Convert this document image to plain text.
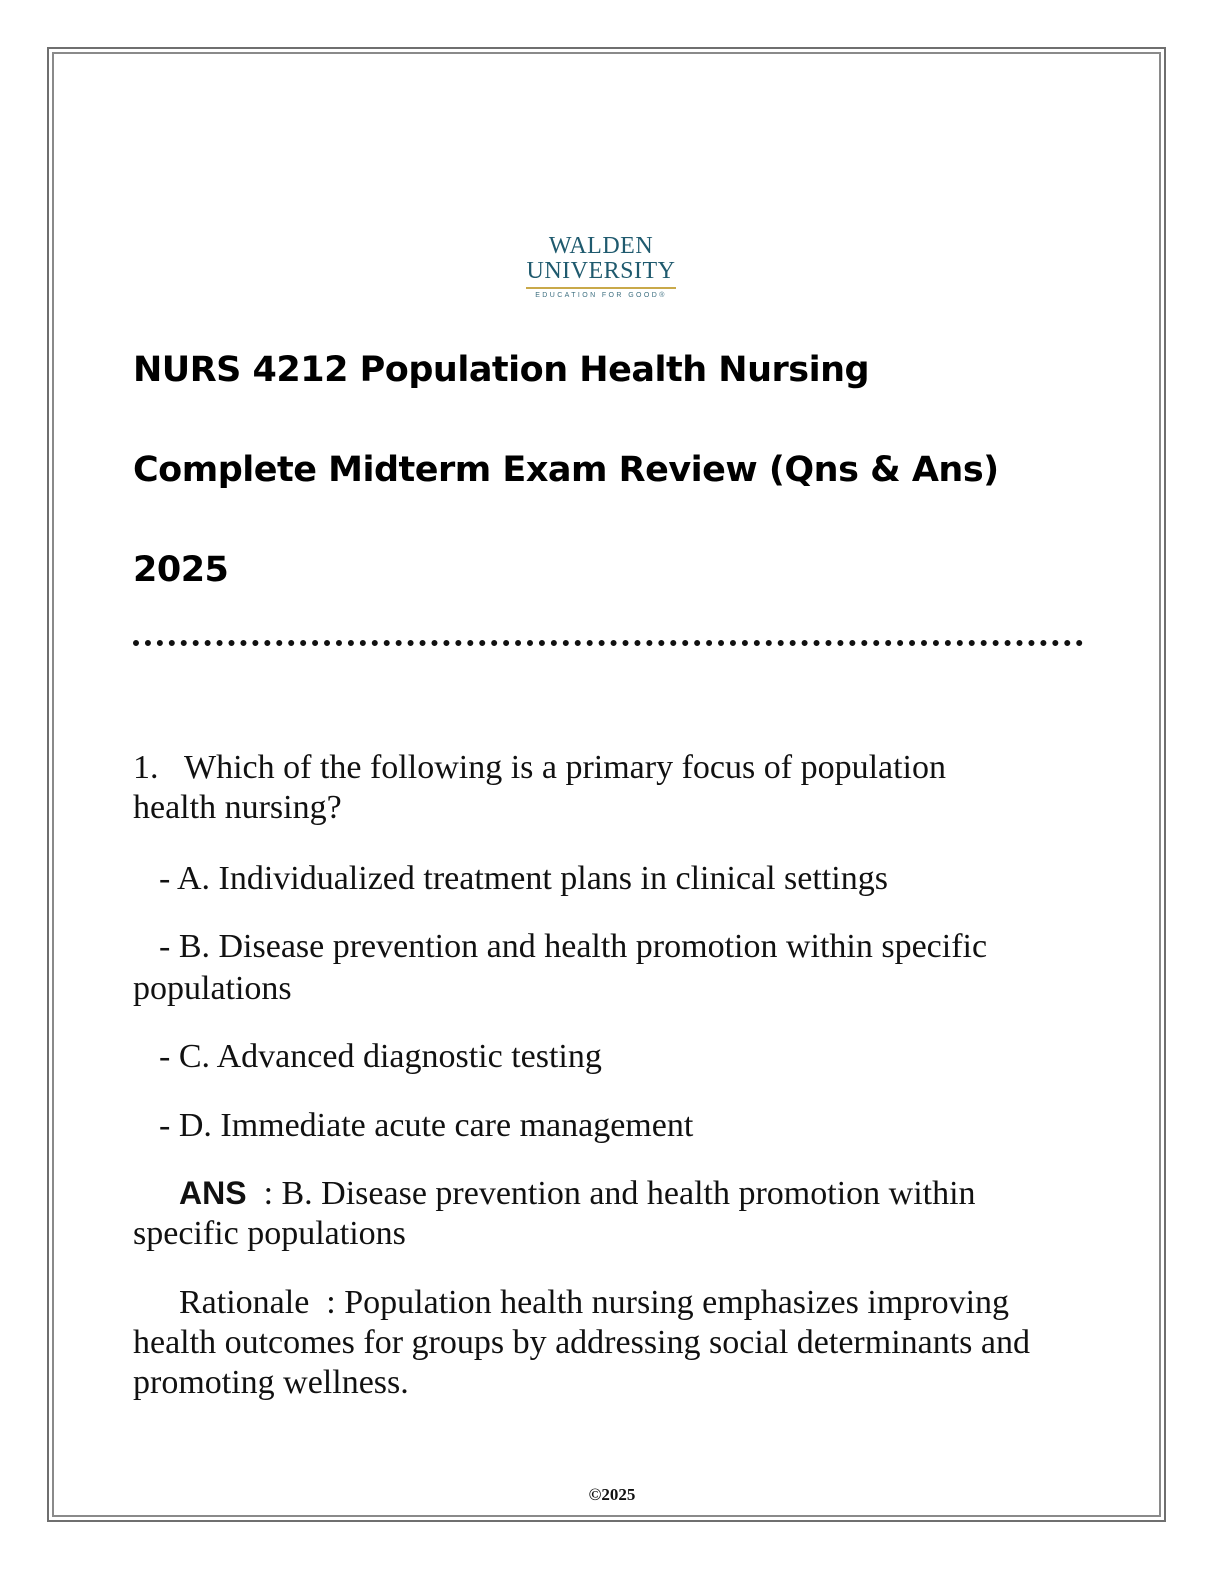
WALDEN
UNIVERSITY
EDUCATION FOR GOOD®
NURS 4212 Population Health Nursing
Complete Midterm Exam Review (Qns & Ans)
2025
1. Which of the following is a primary focus of population health nursing?
- A. Individualized treatment plans in clinical settings
- B. Disease prevention and health promotion within specific populations
- C. Advanced diagnostic testing
- D. Immediate acute care management
ANS : B. Disease prevention and health promotion within specific populations
Rationale : Population health nursing emphasizes improving health outcomes for groups by addressing social determinants and promoting wellness.
©2025
